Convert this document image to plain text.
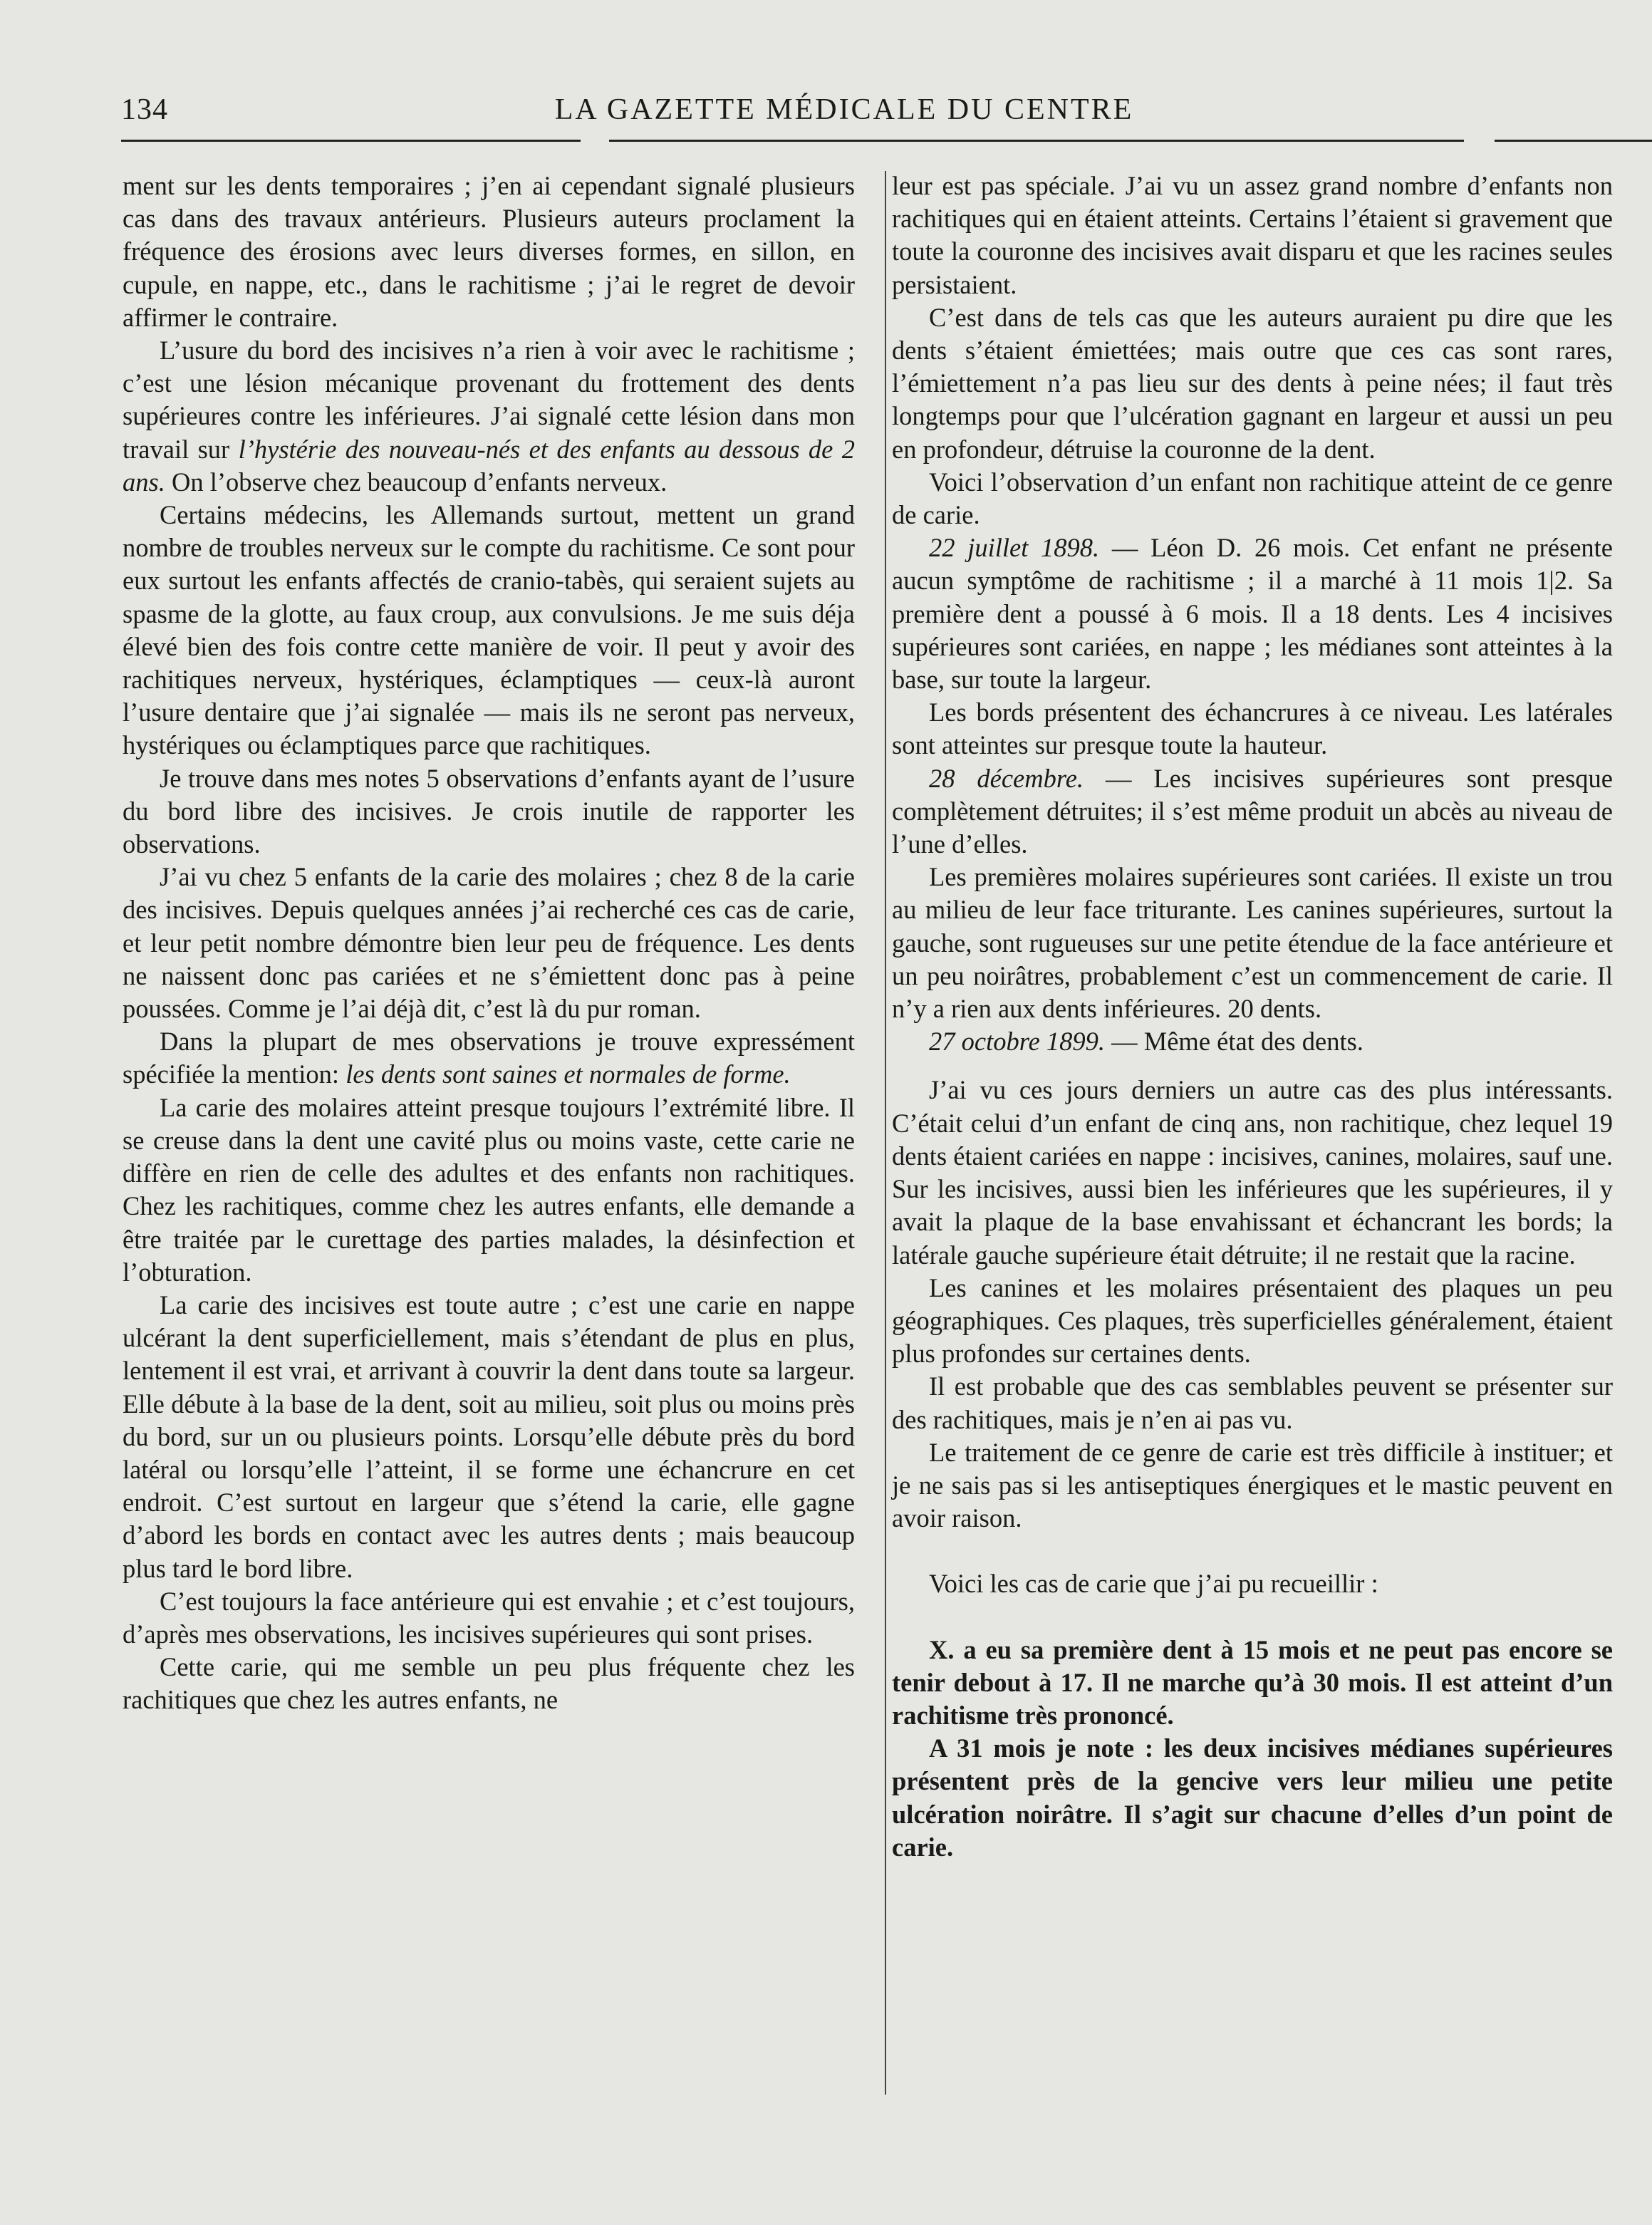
134	LA GAZETTE MÉDICALE DU CENTRE

ment sur les dents temporaires ; j’en ai cependant signalé plusieurs cas dans des travaux antérieurs. Plusieurs auteurs proclament la fréquence des érosions avec leurs diverses formes, en sillon, en cupule, en nappe, etc., dans le rachitisme ; j’ai le regret de devoir affirmer le contraire.

L’usure du bord des incisives n’a rien à voir avec le rachitisme ; c’est une lésion mécanique provenant du frottement des dents supérieures contre les inférieures. J’ai signalé cette lésion dans mon travail sur l’hystérie des nouveau-nés et des enfants au dessous de 2 ans. On l’observe chez beaucoup d’enfants nerveux.

Certains médecins, les Allemands surtout, mettent un grand nombre de troubles nerveux sur le compte du rachitisme. Ce sont pour eux surtout les enfants affectés de cranio-tabès, qui seraient sujets au spasme de la glotte, au faux croup, aux convulsions. Je me suis déja élevé bien des fois contre cette manière de voir. Il peut y avoir des rachitiques nerveux, hystériques, éclamptiques — ceux-là auront l’usure dentaire que j’ai signalée — mais ils ne seront pas nerveux, hystériques ou éclamptiques parce que rachitiques.

Je trouve dans mes notes 5 observations d’enfants ayant de l’usure du bord libre des incisives. Je crois inutile de rapporter les observations.

J’ai vu chez 5 enfants de la carie des molaires ; chez 8 de la carie des incisives. Depuis quelques années j’ai recherché ces cas de carie, et leur petit nombre démontre bien leur peu de fréquence. Les dents ne naissent donc pas cariées et ne s’émiettent donc pas à peine poussées. Comme je l’ai déjà dit, c’est là du pur roman.

Dans la plupart de mes observations je trouve expressément spécifiée la mention: les dents sont saines et normales de forme.

La carie des molaires atteint presque toujours l’extrémité libre. Il se creuse dans la dent une cavité plus ou moins vaste, cette carie ne diffère en rien de celle des adultes et des enfants non rachitiques. Chez les rachitiques, comme chez les autres enfants, elle demande a être traitée par le curettage des parties malades, la désinfection et l’obturation.

La carie des incisives est toute autre ; c’est une carie en nappe ulcérant la dent superficiellement, mais s’étendant de plus en plus, lentement il est vrai, et arrivant à couvrir la dent dans toute sa largeur. Elle débute à la base de la dent, soit au milieu, soit plus ou moins près du bord, sur un ou plusieurs points. Lorsqu’elle débute près du bord latéral ou lorsqu’elle l’atteint, il se forme une échancrure en cet endroit. C’est surtout en largeur que s’étend la carie, elle gagne d’abord les bords en contact avec les autres dents ; mais beaucoup plus tard le bord libre.

C’est toujours la face antérieure qui est envahie ; et c’est toujours, d’après mes observations, les incisives supérieures qui sont prises.

Cette carie, qui me semble un peu plus fréquente chez les rachitiques que chez les autres enfants, ne

leur est pas spéciale. J’ai vu un assez grand nombre d’enfants non rachitiques qui en étaient atteints. Certains l’étaient si gravement que toute la couronne des incisives avait disparu et que les racines seules persistaient.

C’est dans de tels cas que les auteurs auraient pu dire que les dents s’étaient émiettées; mais outre que ces cas sont rares, l’émiettement n’a pas lieu sur des dents à peine nées; il faut très longtemps pour que l’ulcération gagnant en largeur et aussi un peu en profondeur, détruise la couronne de la dent.

Voici l’observation d’un enfant non rachitique atteint de ce genre de carie.

22 juillet 1898. — Léon D. 26 mois. Cet enfant ne présente aucun symptôme de rachitisme ; il a marché à 11 mois 1|2. Sa première dent a poussé à 6 mois. Il a 18 dents. Les 4 incisives supérieures sont cariées, en nappe ; les médianes sont atteintes à la base, sur toute la largeur.

Les bords présentent des échancrures à ce niveau. Les latérales sont atteintes sur presque toute la hauteur.

28 décembre. — Les incisives supérieures sont presque complètement détruites; il s’est même produit un abcès au niveau de l’une d’elles.

Les premières molaires supérieures sont cariées. Il existe un trou au milieu de leur face triturante. Les canines supérieures, surtout la gauche, sont rugueuses sur une petite étendue de la face antérieure et un peu noirâtres, probablement c’est un commencement de carie. Il n’y a rien aux dents inférieures. 20 dents.

27 octobre 1899. — Même état des dents.

J’ai vu ces jours derniers un autre cas des plus intéressants. C’était celui d’un enfant de cinq ans, non rachitique, chez lequel 19 dents étaient cariées en nappe : incisives, canines, molaires, sauf une. Sur les incisives, aussi bien les inférieures que les supérieures, il y avait la plaque de la base envahissant et échancrant les bords; la latérale gauche supérieure était détruite; il ne restait que la racine.

Les canines et les molaires présentaient des plaques un peu géographiques. Ces plaques, très superficielles généralement, étaient plus profondes sur certaines dents.

Il est probable que des cas semblables peuvent se présenter sur des rachitiques, mais je n’en ai pas vu.

Le traitement de ce genre de carie est très difficile à instituer; et je ne sais pas si les antiseptiques énergiques et le mastic peuvent en avoir raison.

Voici les cas de carie que j’ai pu recueillir :

X. a eu sa première dent à 15 mois et ne peut pas encore se tenir debout à 17. Il ne marche qu’à 30 mois. Il est atteint d’un rachitisme très prononcé.

A 31 mois je note : les deux incisives médianes supérieures présentent près de la gencive vers leur milieu une petite ulcération noirâtre. Il s’agit sur chacune d’elles d’un point de carie.
